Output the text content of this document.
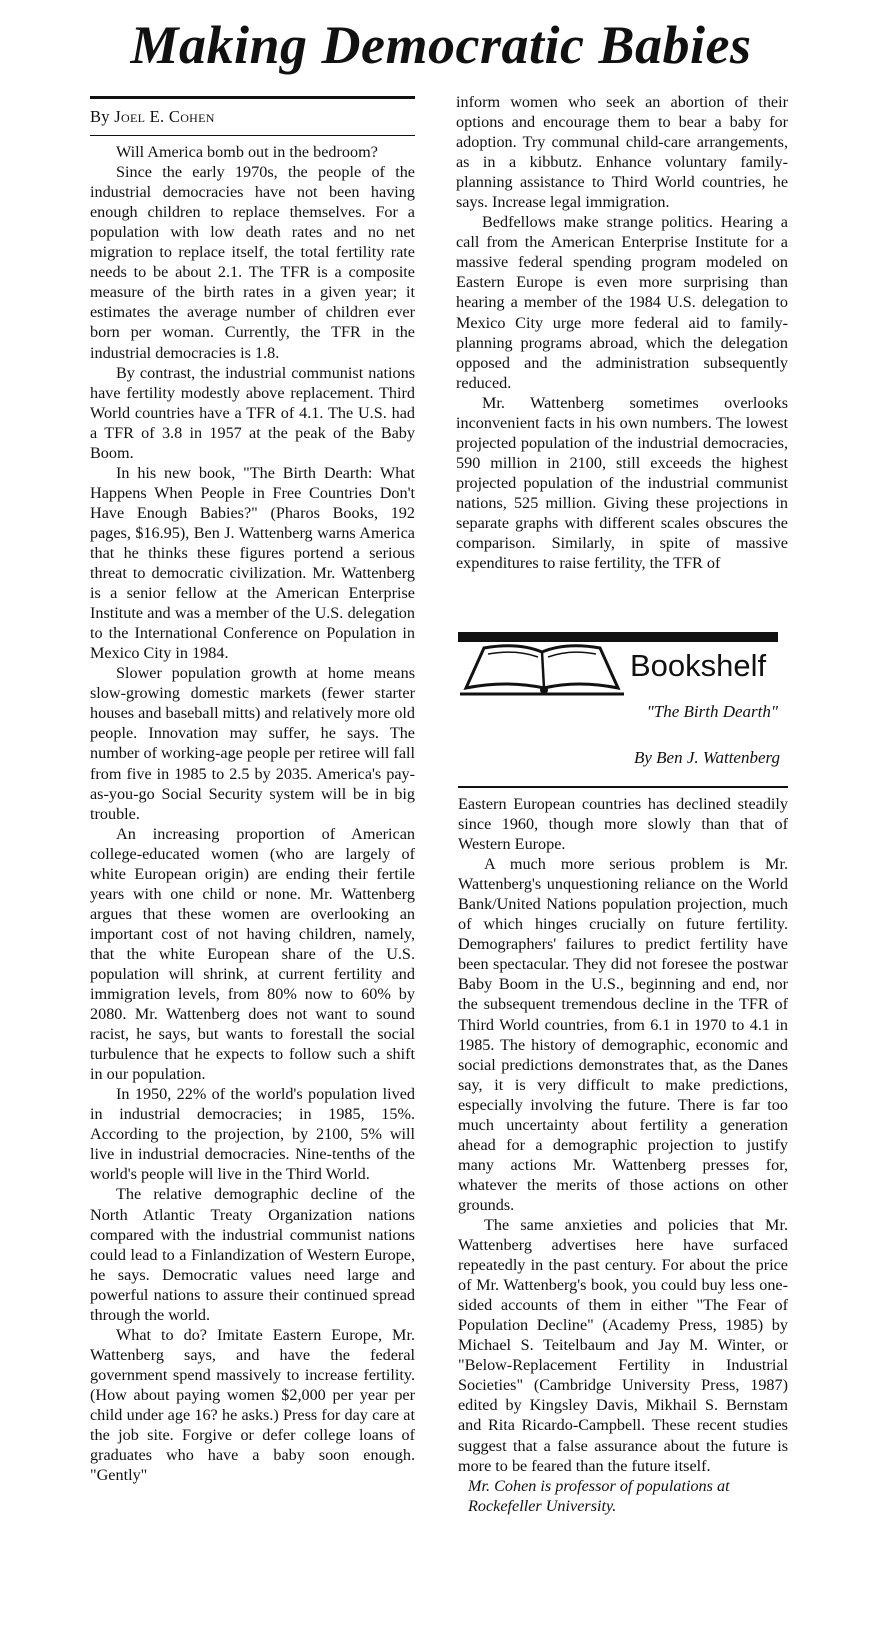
Making Democratic Babies
By Joel E. Cohen

Will America bomb out in the bedroom?

Since the early 1970s, the people of the industrial democracies have not been having enough children to replace themselves. For a population with low death rates and no net migration to replace itself, the total fertility rate needs to be about 2.1. The TFR is a composite measure of the birth rates in a given year; it estimates the average number of children ever born per woman. Currently, the TFR in the industrial democracies is 1.8.

By contrast, the industrial communist nations have fertility modestly above replacement. Third World countries have a TFR of 4.1. The U.S. had a TFR of 3.8 in 1957 at the peak of the Baby Boom.

In his new book, "The Birth Dearth: What Happens When People in Free Countries Don't Have Enough Babies?" (Pharos Books, 192 pages, $16.95), Ben J. Wattenberg warns America that he thinks these figures portend a serious threat to democratic civilization. Mr. Wattenberg is a senior fellow at the American Enterprise Institute and was a member of the U.S. delegation to the International Conference on Population in Mexico City in 1984.

Slower population growth at home means slow-growing domestic markets (fewer starter houses and baseball mitts) and relatively more old people. Innovation may suffer, he says. The number of working-age people per retiree will fall from five in 1985 to 2.5 by 2035. America's pay-as-you-go Social Security system will be in big trouble.

An increasing proportion of American college-educated women (who are largely of white European origin) are ending their fertile years with one child or none. Mr. Wattenberg argues that these women are overlooking an important cost of not having children, namely, that the white European share of the U.S. population will shrink, at current fertility and immigration levels, from 80% now to 60% by 2080. Mr. Wattenberg does not want to sound racist, he says, but wants to forestall the social turbulence that he expects to follow such a shift in our population.

In 1950, 22% of the world's population lived in industrial democracies; in 1985, 15%. According to the projection, by 2100, 5% will live in industrial democracies. Nine-tenths of the world's people will live in the Third World.

The relative demographic decline of the North Atlantic Treaty Organization nations compared with the industrial communist nations could lead to a Finlandization of Western Europe, he says. Democratic values need large and powerful nations to assure their continued spread through the world.

What to do? Imitate Eastern Europe, Mr. Wattenberg says, and have the federal government spend massively to increase fertility. (How about paying women $2,000 per year per child under age 16? he asks.) Press for day care at the job site. Forgive or defer college loans of graduates who have a baby soon enough. "Gently"

inform women who seek an abortion of their options and encourage them to bear a baby for adoption. Try communal child-care arrangements, as in a kibbutz. Enhance voluntary family-planning assistance to Third World countries, he says. Increase legal immigration.

Bedfellows make strange politics. Hearing a call from the American Enterprise Institute for a massive federal spending program modeled on Eastern Europe is even more surprising than hearing a member of the 1984 U.S. delegation to Mexico City urge more federal aid to family-planning programs abroad, which the delegation opposed and the administration subsequently reduced.

Mr. Wattenberg sometimes overlooks inconvenient facts in his own numbers. The lowest projected population of the industrial democracies, 590 million in 2100, still exceeds the highest projected population of the industrial communist nations, 525 million. Giving these projections in separate graphs with different scales obscures the comparison. Similarly, in spite of massive expenditures to raise fertility, the TFR of

Bookshelf
"The Birth Dearth"
By Ben J. Wattenberg

Eastern European countries has declined steadily since 1960, though more slowly than that of Western Europe.

A much more serious problem is Mr. Wattenberg's unquestioning reliance on the World Bank/United Nations population projection, much of which hinges crucially on future fertility. Demographers' failures to predict fertility have been spectacular. They did not foresee the postwar Baby Boom in the U.S., beginning and end, nor the subsequent tremendous decline in the TFR of Third World countries, from 6.1 in 1970 to 4.1 in 1985. The history of demographic, economic and social predictions demonstrates that, as the Danes say, it is very difficult to make predictions, especially involving the future. There is far too much uncertainty about fertility a generation ahead for a demographic projection to justify many actions Mr. Wattenberg presses for, whatever the merits of those actions on other grounds.

The same anxieties and policies that Mr. Wattenberg advertises here have surfaced repeatedly in the past century. For about the price of Mr. Wattenberg's book, you could buy less one-sided accounts of them in either "The Fear of Population Decline" (Academy Press, 1985) by Michael S. Teitelbaum and Jay M. Winter, or "Below-Replacement Fertility in Industrial Societies" (Cambridge University Press, 1987) edited by Kingsley Davis, Mikhail S. Bernstam and Rita Ricardo-Campbell. These recent studies suggest that a false assurance about the future is more to be feared than the future itself.

Mr. Cohen is professor of populations at Rockefeller University.
